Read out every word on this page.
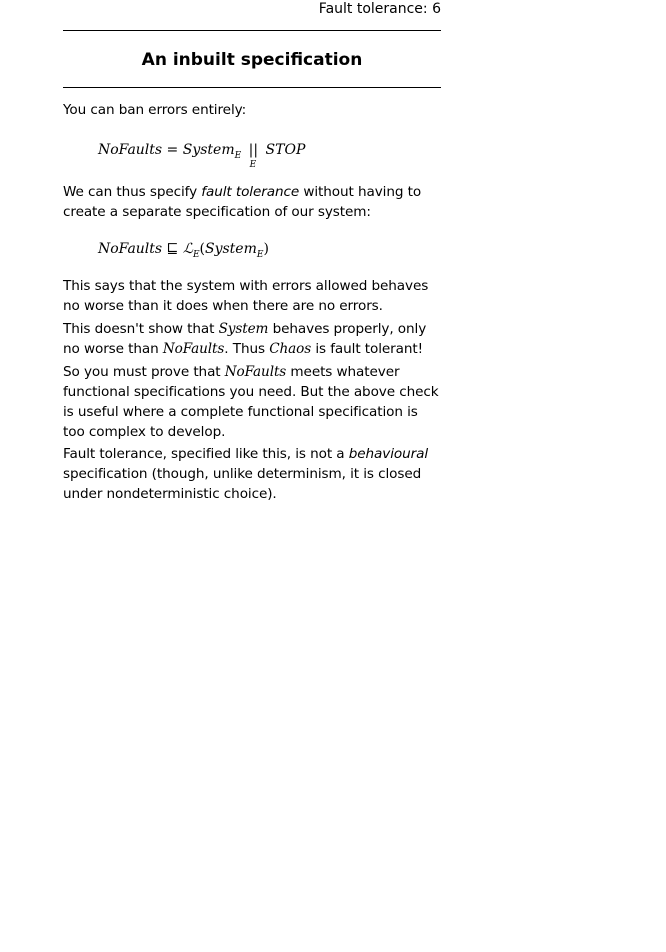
Fault tolerance: 6
An inbuilt specification

You can ban errors entirely:

NoFaults = System$_E$ ||
E
STOP

We can thus specify fault tolerance without having to create a separate specification of our system:

NoFaults ⊑ ℒ$_E$(System$_E$)

This says that the system with errors allowed behaves no worse than it does when there are no errors.

This doesn't show that System behaves properly, only no worse than NoFaults. Thus Chaos is fault tolerant!

So you must prove that NoFaults meets whatever functional specifications you need. But the above check is useful where a complete functional specification is too complex to develop.

Fault tolerance, specified like this, is not a behavioural specification (though, unlike determinism, it is closed under nondeterministic choice).
